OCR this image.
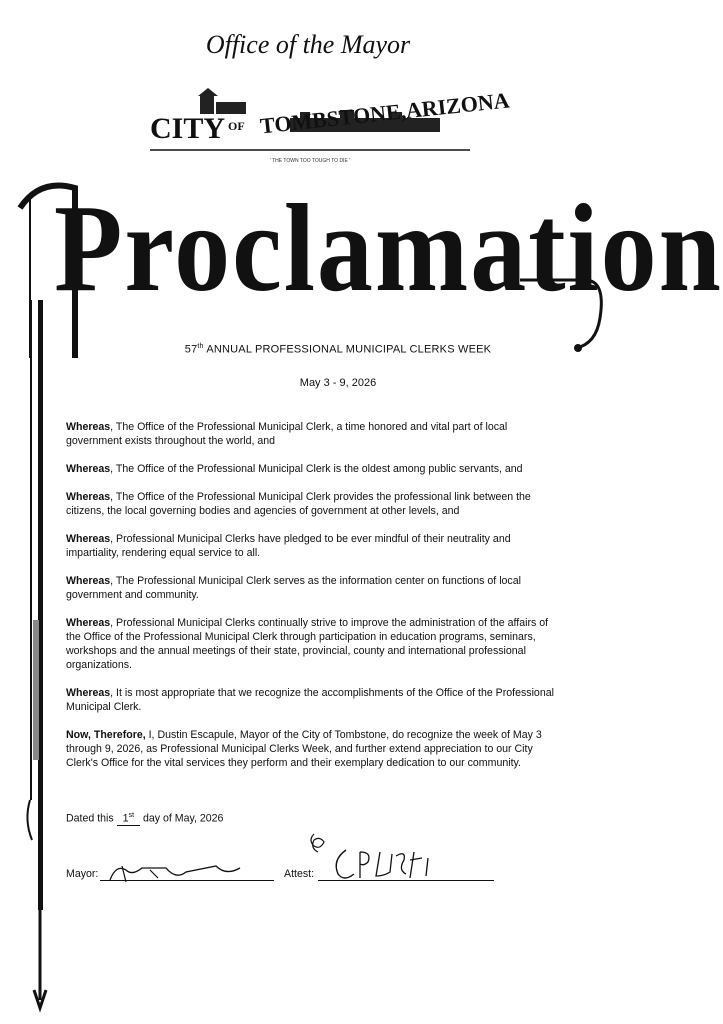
Office of the Mayor
CITY OF TOMBSTONE,ARIZONA
' THE TOWN TOO TOUGH TO DIE '
Proclamation
57th ANNUAL PROFESSIONAL MUNICIPAL CLERKS WEEK
May 3 - 9, 2026

Whereas, The Office of the Professional Municipal Clerk, a time honored and vital part of local government exists throughout the world, and

Whereas, The Office of the Professional Municipal Clerk is the oldest among public servants, and

Whereas, The Office of the Professional Municipal Clerk provides the professional link between the citizens, the local governing bodies and agencies of government at other levels, and

Whereas, Professional Municipal Clerks have pledged to be ever mindful of their neutrality and impartiality, rendering equal service to all.

Whereas, The Professional Municipal Clerk serves as the information center on functions of local government and community.

Whereas, Professional Municipal Clerks continually strive to improve the administration of the affairs of the Office of the Professional Municipal Clerk through participation in education programs, seminars, workshops and the annual meetings of their state, provincial, county and international professional organizations.

Whereas, It is most appropriate that we recognize the accomplishments of the Office of the Professional Municipal Clerk.

Now, Therefore, I, Dustin Escapule, Mayor of the City of Tombstone, do recognize the week of May 3 through 9, 2026, as Professional Municipal Clerks Week, and further extend appreciation to our City Clerk's Office for the vital services they perform and their exemplary dedication to our community.

Dated this 1st day of May, 2026
Mayor:	Attest:
